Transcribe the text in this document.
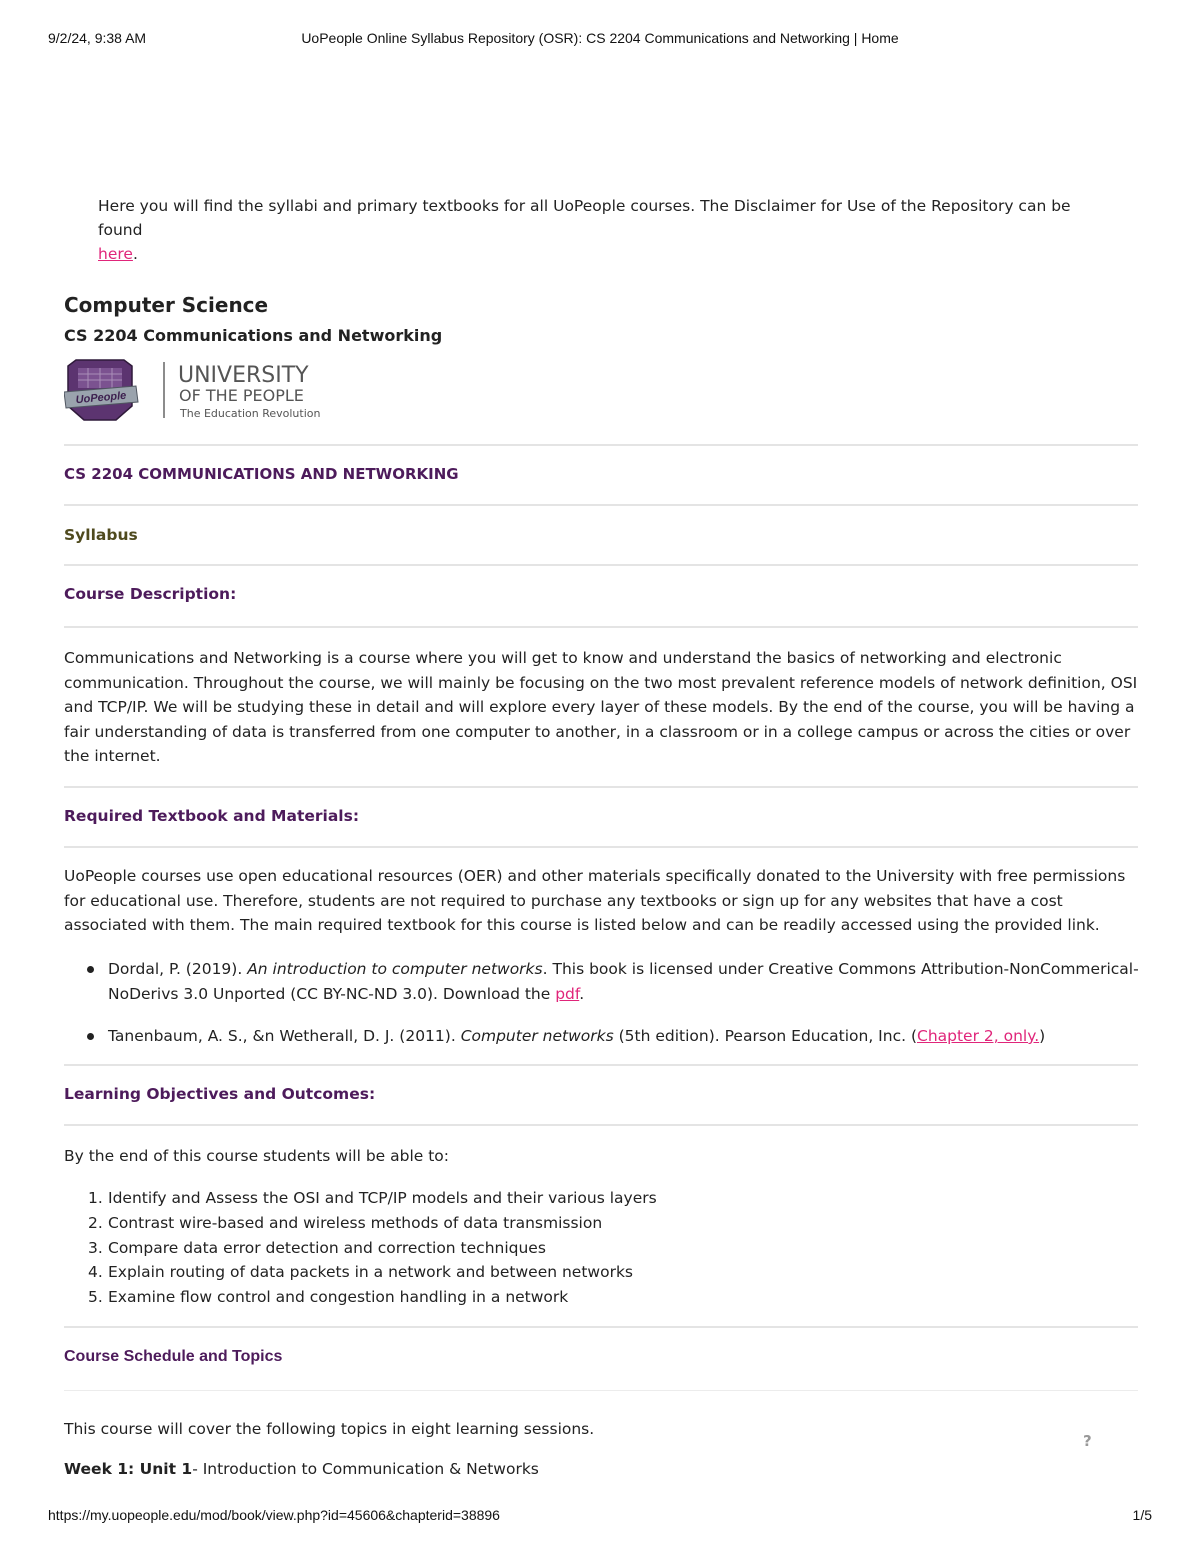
9/2/24, 9:38 AM	UoPeople Online Syllabus Repository (OSR): CS 2204 Communications and Networking | Home
Here you will find the syllabi and primary textbooks for all UoPeople courses. The Disclaimer for Use of the Repository can be found
here.
Computer Science
CS 2204 Communications and Networking
UoPeople
UNIVERSITY
OF THE PEOPLE
The Education Revolution
CS 2204 COMMUNICATIONS AND NETWORKING
Syllabus
Course Description:
Communications and Networking is a course where you will get to know and understand the basics of networking and electronic communication. Throughout the course, we will mainly be focusing on the two most prevalent reference models of network definition, OSI and TCP/IP. We will be studying these in detail and will explore every layer of these models. By the end of the course, you will be having a fair understanding of data is transferred from one computer to another, in a classroom or in a college campus or across the cities or over the internet.
Required Textbook and Materials:
UoPeople courses use open educational resources (OER) and other materials specifically donated to the University with free permissions for educational use. Therefore, students are not required to purchase any textbooks or sign up for any websites that have a cost associated with them. The main required textbook for this course is listed below and can be readily accessed using the provided link.
Dordal, P. (2019). An introduction to computer networks. This book is licensed under Creative Commons Attribution-NonCommerical-NoDerivs 3.0 Unported (CC BY-NC-ND 3.0). Download the pdf.
Tanenbaum, A. S., &n Wetherall, D. J. (2011). Computer networks (5th edition). Pearson Education, Inc. (Chapter 2, only.)
Learning Objectives and Outcomes:
By the end of this course students will be able to:
1. Identify and Assess the OSI and TCP/IP models and their various layers
2. Contrast wire-based and wireless methods of data transmission
3. Compare data error detection and correction techniques
4. Explain routing of data packets in a network and between networks
5. Examine flow control and congestion handling in a network
Course Schedule and Topics
This course will cover the following topics in eight learning sessions.
Week 1: Unit 1- Introduction to Communication & Networks
?
https://my.uopeople.edu/mod/book/view.php?id=45606&chapterid=38896	1/5
